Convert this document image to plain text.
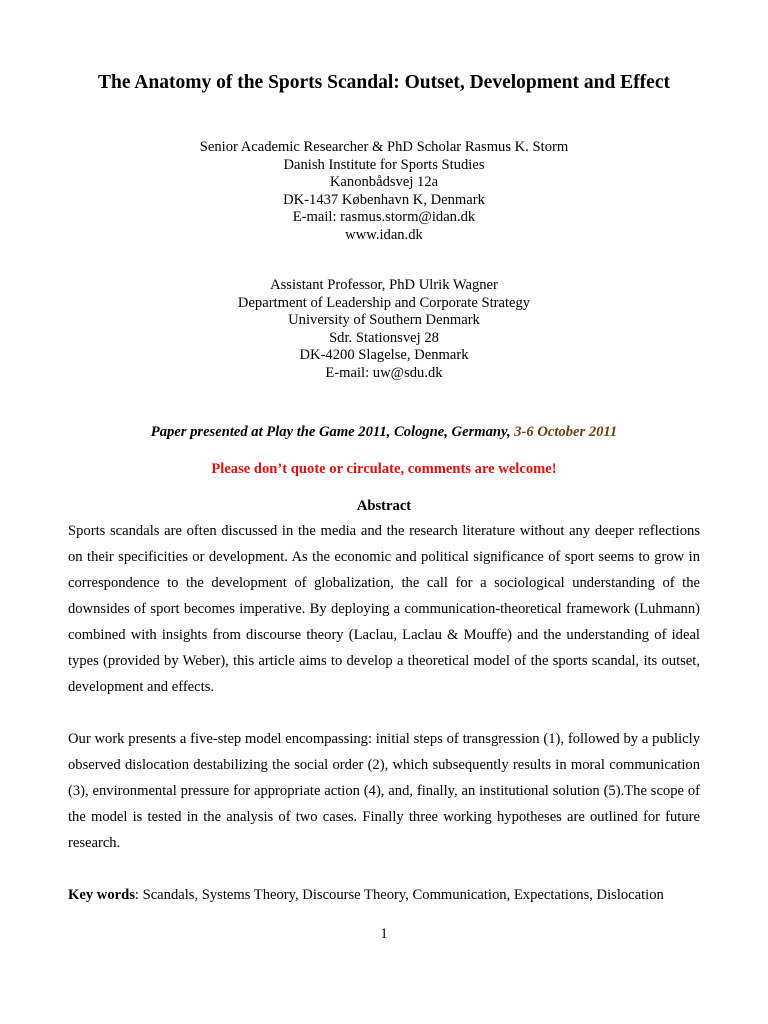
The Anatomy of the Sports Scandal: Outset, Development and Effect
Senior Academic Researcher & PhD Scholar Rasmus K. Storm
Danish Institute for Sports Studies
Kanonbådsvej 12a
DK-1437 København K, Denmark
E-mail: rasmus.storm@idan.dk
www.idan.dk
Assistant Professor, PhD Ulrik Wagner
Department of Leadership and Corporate Strategy
University of Southern Denmark
Sdr. Stationsvej 28
DK-4200 Slagelse, Denmark
E-mail: uw@sdu.dk
Paper presented at Play the Game 2011, Cologne, Germany, 3-6 October 2011
Please don’t quote or circulate, comments are welcome!
Abstract

Sports scandals are often discussed in the media and the research literature without any deeper reflections on their specificities or development. As the economic and political significance of sport seems to grow in correspondence to the development of globalization, the call for a sociological understanding of the downsides of sport becomes imperative. By deploying a communication-theoretical framework (Luhmann) combined with insights from discourse theory (Laclau, Laclau & Mouffe) and the understanding of ideal types (provided by Weber), this article aims to develop a theoretical model of the sports scandal, its outset, development and effects.

Our work presents a five-step model encompassing: initial steps of transgression (1), followed by a publicly observed dislocation destabilizing the social order (2), which subsequently results in moral communication (3), environmental pressure for appropriate action (4), and, finally, an institutional solution (5).The scope of the model is tested in the analysis of two cases. Finally three working hypotheses are outlined for future research.

Key words: Scandals, Systems Theory, Discourse Theory, Communication, Expectations, Dislocation
1
